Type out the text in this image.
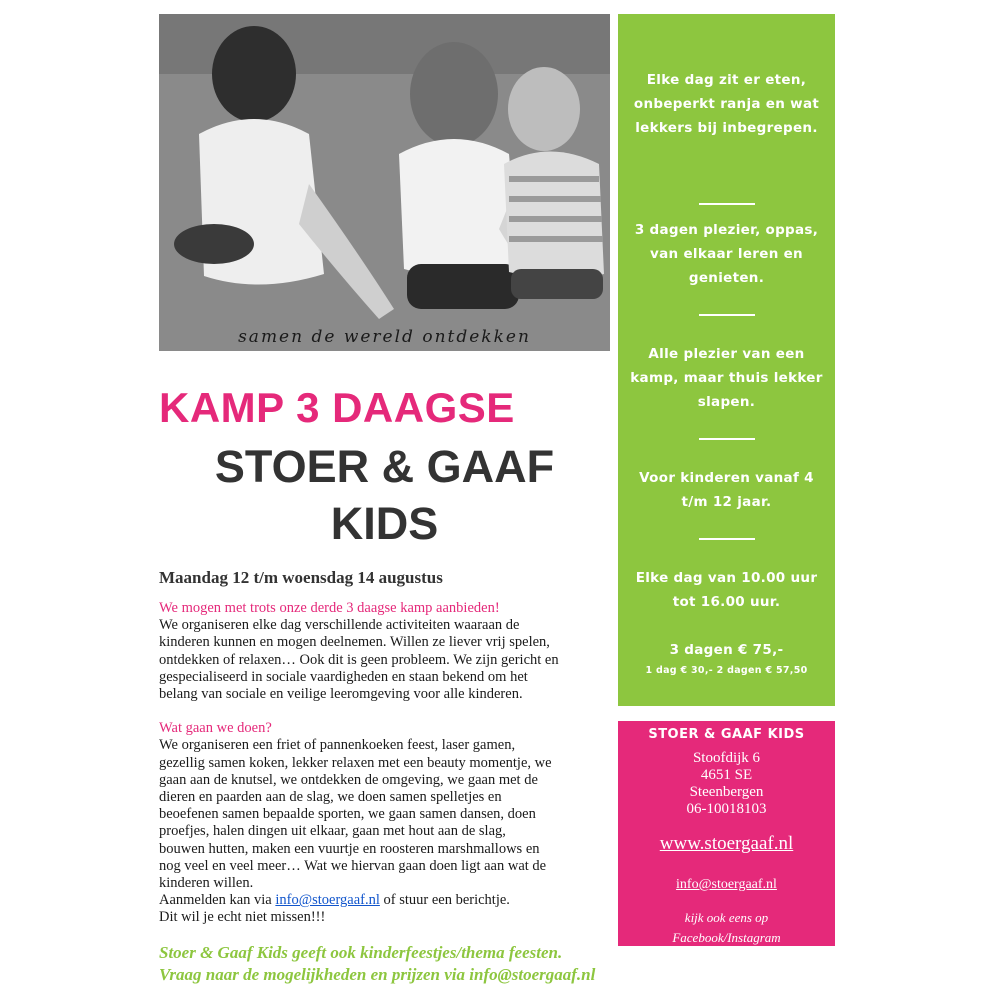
samen de wereld ontdekken
KAMP 3 DAAGSE
STOER & GAAF
KIDS
Maandag 12 t/m woensdag 14 augustus
We mogen met trots onze derde 3 daagse kamp aanbieden!
We organiseren elke dag verschillende activiteiten waaraan de
kinderen kunnen en mogen deelnemen. Willen ze liever vrij spelen,
ontdekken of relaxen… Ook dit is geen probleem. We zijn gericht en
gespecialiseerd in sociale vaardigheden en staan bekend om het
belang van sociale en veilige leeromgeving voor alle kinderen.
Wat gaan we doen?
We organiseren een friet of pannenkoeken feest, laser gamen,
gezellig samen koken, lekker relaxen met een beauty momentje, we
gaan aan de knutsel, we ontdekken de omgeving, we gaan met de
dieren en paarden aan de slag, we doen samen spelletjes en
beoefenen samen bepaalde sporten, we gaan samen dansen, doen
proefjes, halen dingen uit elkaar, gaan met hout aan de slag,
bouwen hutten, maken een vuurtje en roosteren marshmallows en
nog veel en veel meer… Wat we hiervan gaan doen ligt aan wat de
kinderen willen.
Aanmelden kan via info@stoergaaf.nl of stuur een berichtje.
Dit wil je echt niet missen!!!
Elke dag zit er eten, onbeperkt ranja en wat lekkers bij inbegrepen.
3 dagen plezier, oppas, van elkaar leren en genieten.
Alle plezier van een kamp, maar thuis lekker slapen.
Voor kinderen vanaf 4 t/m 12 jaar.
Elke dag van 10.00 uur tot 16.00 uur.
3 dagen € 75,-
1 dag € 30,- 2 dagen € 57,50
STOER & GAAF KIDS
Stoofdijk 6
4651 SE
Steenbergen
06-10018103
www.stoergaaf.nl
info@stoergaaf.nl
kijk ook eens op
Facebook/Instagram
Stoer & Gaaf Kids geeft ook kinderfeestjes/thema feesten.
Vraag naar de mogelijkheden en prijzen via info@stoergaaf.nl
